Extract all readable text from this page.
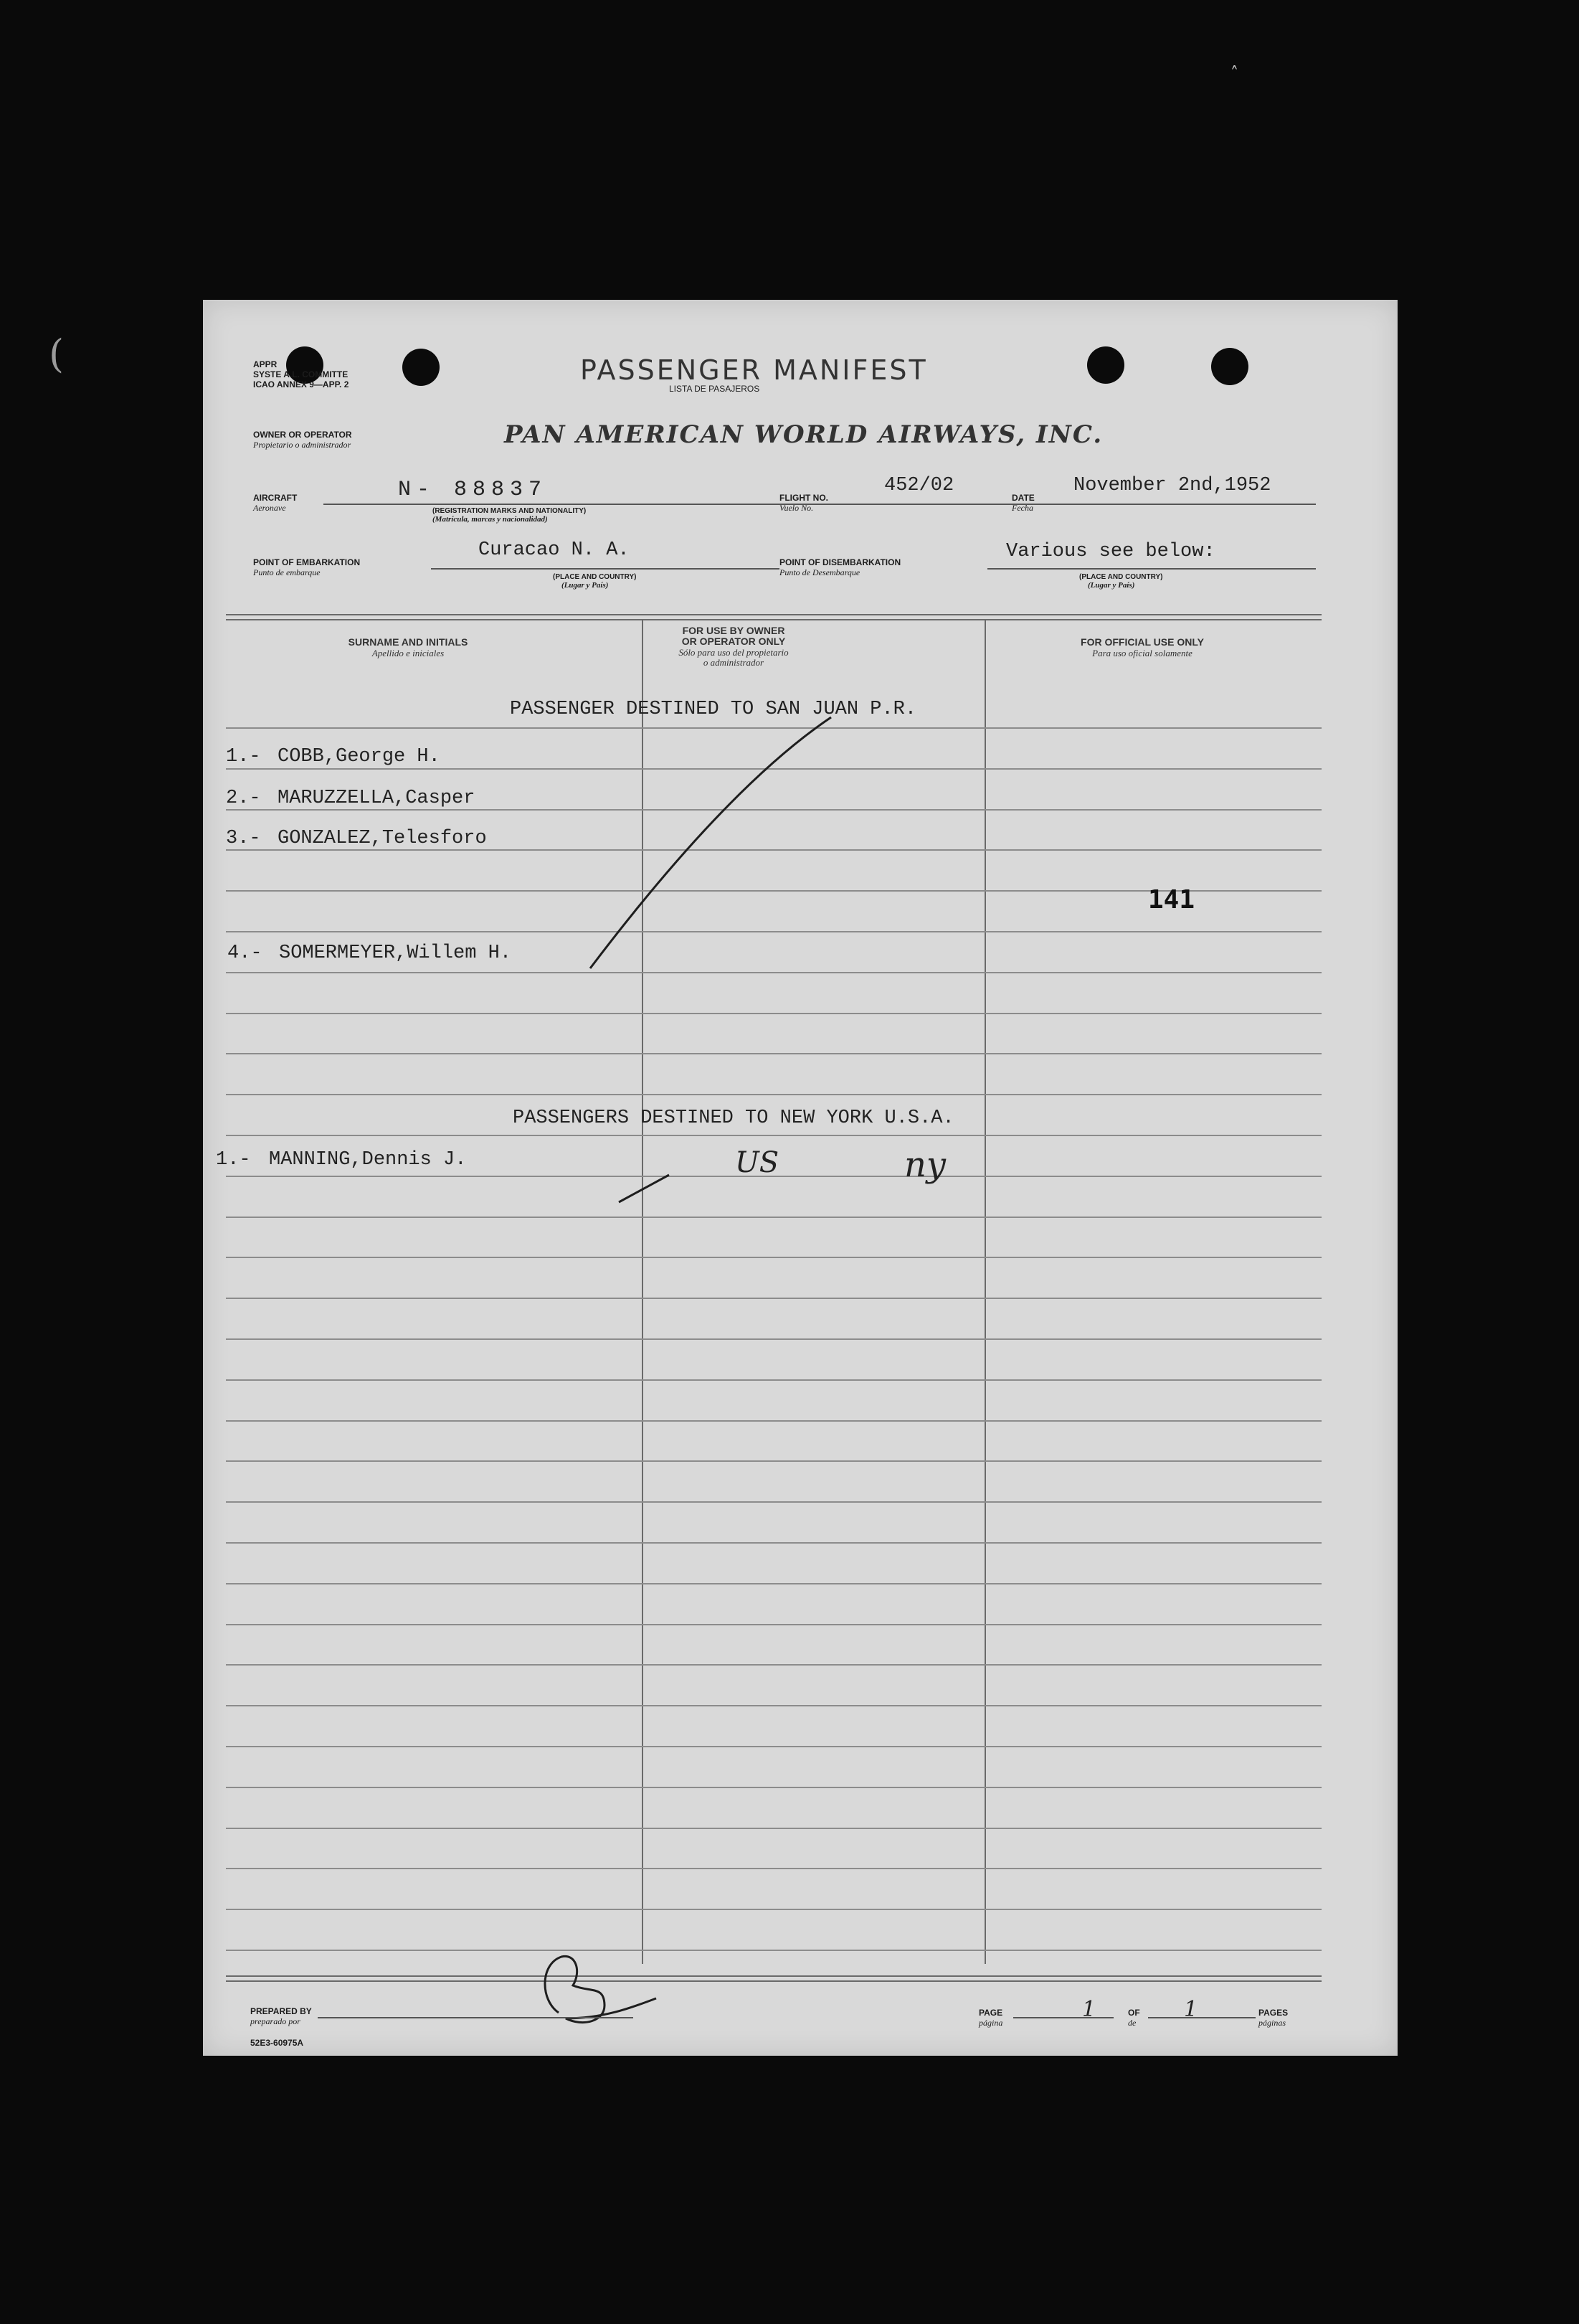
(
˄
APPR
SYSTE A.L. COMMITTE
ICAO ANNEX 9—APP. 2	PASSENGER MANIFEST
LISTA DE PASAJEROS
OWNER OR OPERATOR
Propietario o administrador	PAN AMERICAN WORLD AIRWAYS, INC.
AIRCRAFT
Aeronave
N- 88837
(REGISTRATION MARKS AND NATIONALITY)
(Matrícula, marcas y nacionalidad)
FLIGHT NO.
Vuelo No.
452/02
DATE
Fecha
November 2nd,1952
POINT OF EMBARKATION
Punto de embarque
Curacao N. A.
(PLACE AND COUNTRY)
(Lugar y País)
POINT OF DISEMBARKATION
Punto de Desembarque
Various see below:
(PLACE AND COUNTRY)
(Lugar y País)
SURNAME AND INITIALS
Apellido e iniciales
FOR USE BY OWNER
OR OPERATOR ONLY
Sólo para uso del propietario
o administrador
FOR OFFICIAL USE ONLY
Para uso oficial solamente
PASSENGER DESTINED TO SAN JUAN P.R.
1.- COBB,George H.
2.- MARUZZELLA,Casper
3.- GONZALEZ,Telesforo
4.- SOMERMEYER,Willem H.
141
PASSENGERS DESTINED TO NEW YORK U.S.A.
1.- MANNING,Dennis J.	US	ny
PREPARED BY
preparado por
52E3-60975A
PAGE
página
1	OF
de
1	PAGES
páginas
